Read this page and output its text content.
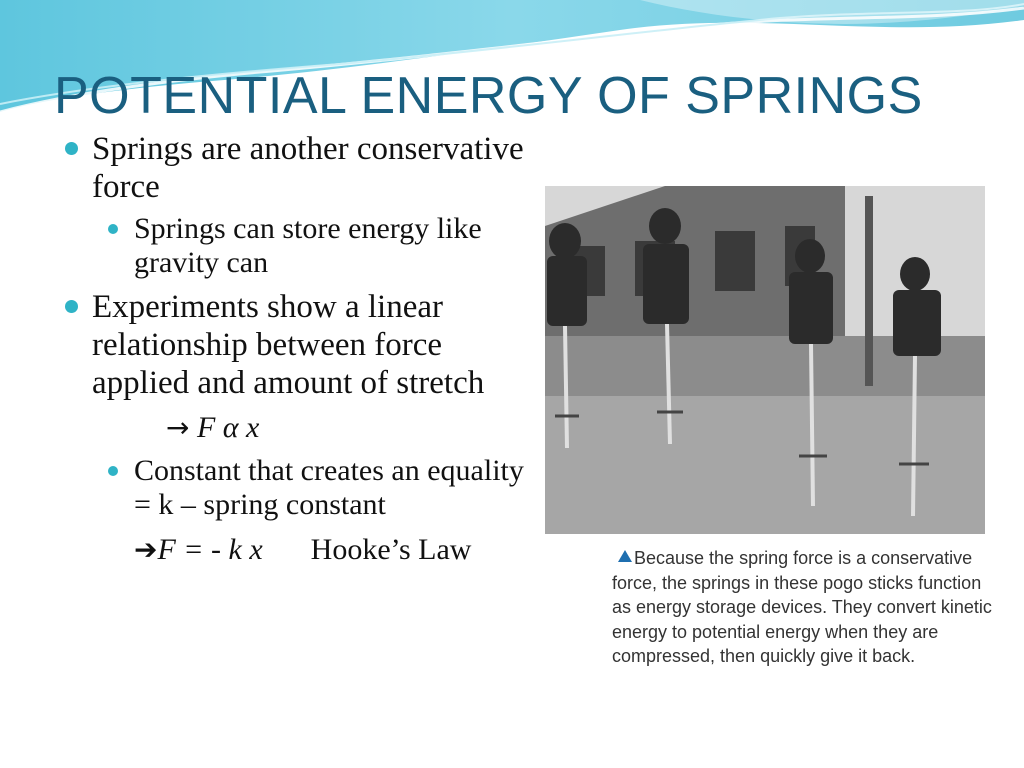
POTENTIAL ENERGY OF SPRINGS
Springs are another conservative force
Springs can store energy like gravity can
Experiments show a linear relationship between force applied and amount of stretch
→ F α x
Constant that creates an equality = k – spring constant
➔F = - k x Hooke’s Law	Because the spring force is a conservative force, the springs in these pogo sticks function as energy storage devices. They convert kinetic energy to potential energy when they are compressed, then quickly give it back.
